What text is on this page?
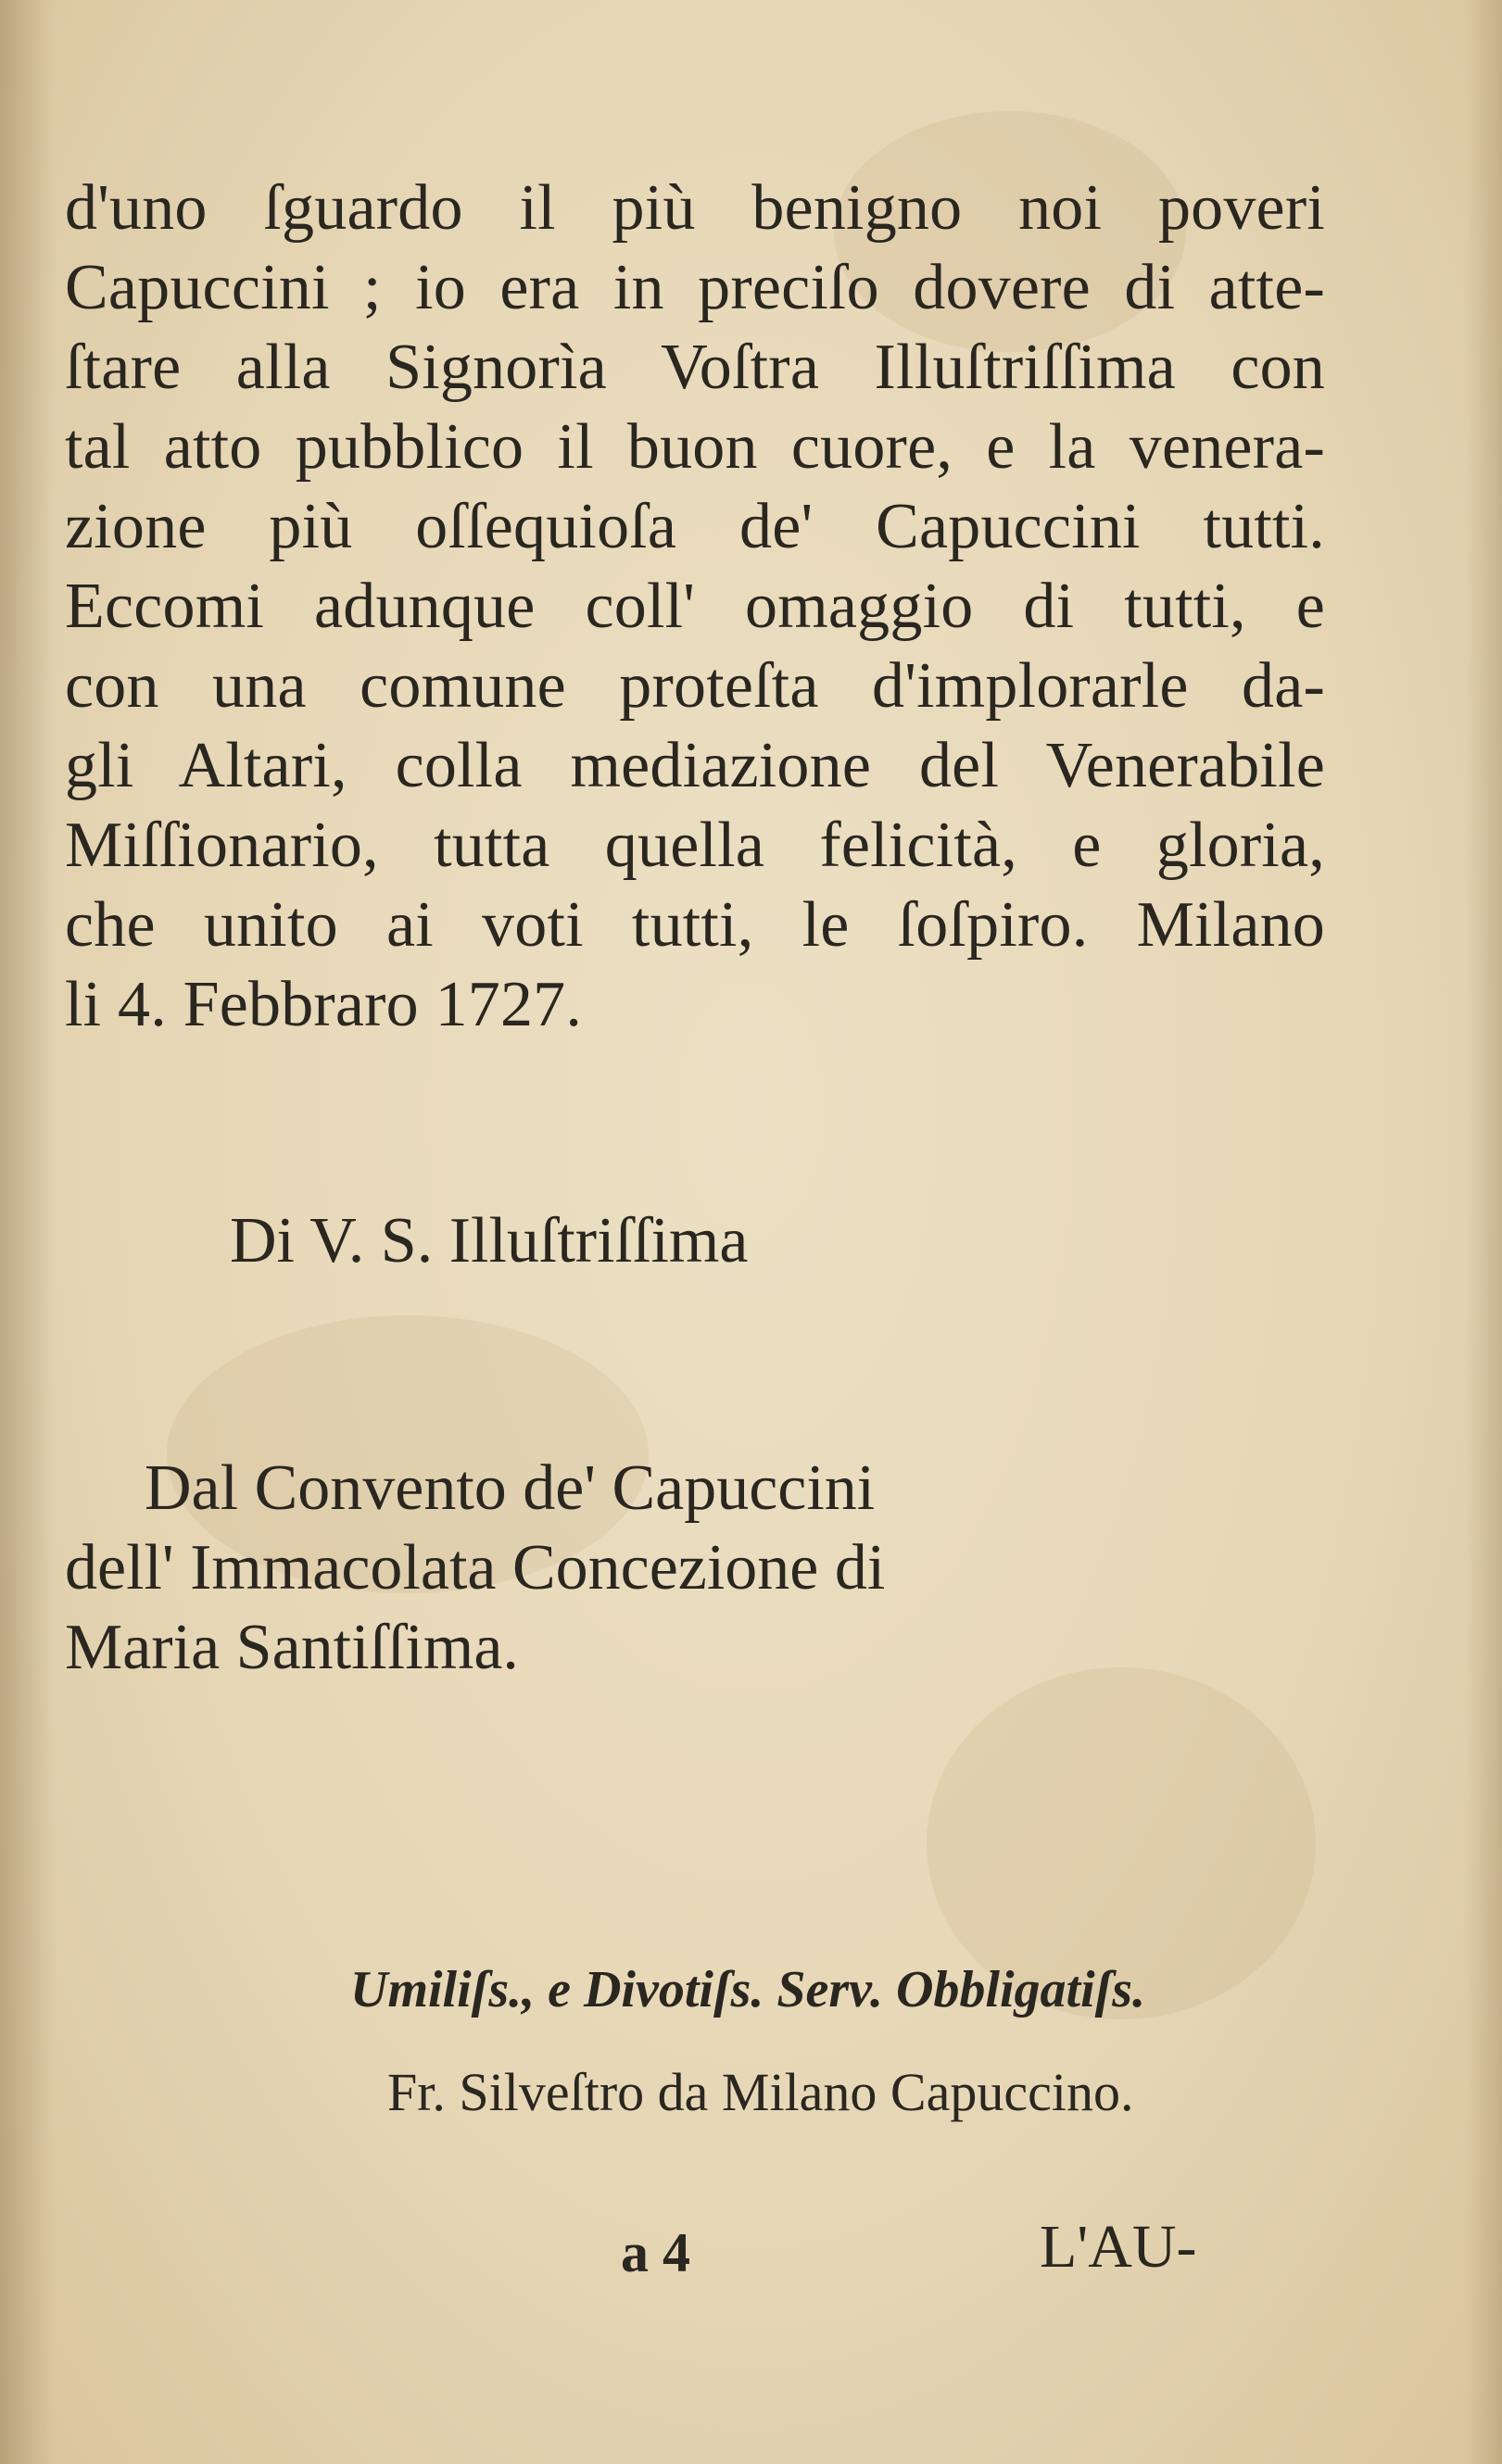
d'uno ſguardo il più benigno noi poveri
Capuccini ; io era in preciſo dovere di atte-
ſtare alla Signorìa Voſtra Illuſtriſſima con
tal atto pubblico il buon cuore, e la venera-
zione più oſſequioſa de' Capuccini tutti.
Eccomi adunque coll' omaggio di tutti, e
con una comune proteſta d'implorarle da-
gli Altari, colla mediazione del Venerabile
Miſſionario, tutta quella felicità, e gloria,
che unito ai voti tutti, le ſoſpiro. Milano
li 4. Febbraro 1727.
Di V. S. Illuſtriſſima
Dal Convento de' Capuccini
dell' Immacolata Concezione di
Maria Santiſſima.
Umiliſs., e Divotiſs. Serv. Obbligatiſs.
Fr. Silveſtro da Milano Capuccino.
a 4	L'AU-
